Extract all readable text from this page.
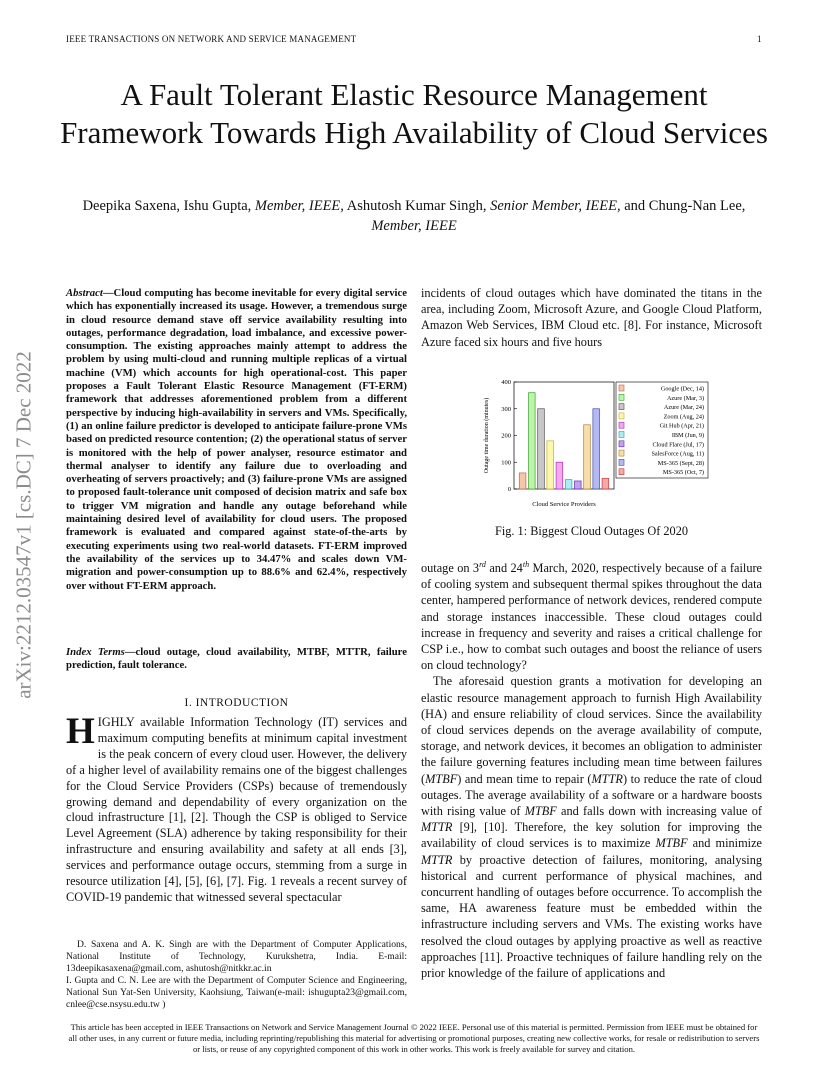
IEEE TRANSACTIONS ON NETWORK AND SERVICE MANAGEMENT	1
A Fault Tolerant Elastic Resource Management Framework Towards High Availability of Cloud Services
Deepika Saxena, Ishu Gupta, Member, IEEE, Ashutosh Kumar Singh, Senior Member, IEEE, and Chung-Nan Lee, Member, IEEE
arXiv:2212.03547v1 [cs.DC] 7 Dec 2022
Abstract—Cloud computing has become inevitable for every digital service which has exponentially increased its usage. However, a tremendous surge in cloud resource demand stave off service availability resulting into outages, performance degradation, load imbalance, and excessive power-consumption. The existing approaches mainly attempt to address the problem by using multi-cloud and running multiple replicas of a virtual machine (VM) which accounts for high operational-cost. This paper proposes a Fault Tolerant Elastic Resource Management (FT-ERM) framework that addresses aforementioned problem from a different perspective by inducing high-availability in servers and VMs. Specifically, (1) an online failure predictor is developed to anticipate failure-prone VMs based on predicted resource contention; (2) the operational status of server is monitored with the help of power analyser, resource estimator and thermal analyser to identify any failure due to overloading and overheating of servers proactively; and (3) failure-prone VMs are assigned to proposed fault-tolerance unit composed of decision matrix and safe box to trigger VM migration and handle any outage beforehand while maintaining desired level of availability for cloud users. The proposed framework is evaluated and compared against state-of-the-arts by executing experiments using two real-world datasets. FT-ERM improved the availability of the services up to 34.47% and scales down VM-migration and power-consumption up to 88.6% and 62.4%, respectively over without FT-ERM approach.
Index Terms—cloud outage, cloud availability, MTBF, MTTR, failure prediction, fault tolerance.
I. INTRODUCTION
HIGHLY available Information Technology (IT) services and maximum computing benefits at minimum capital investment is the peak concern of every cloud user. However, the delivery of a higher level of availability remains one of the biggest challenges for the Cloud Service Providers (CSPs) because of tremendously growing demand and dependability of every organization on the cloud infrastructure [1], [2]. Though the CSP is obliged to Service Level Agreement (SLA) adherence by taking responsibility for their infrastructure and ensuring availability and safety at all ends [3], services and performance outage occurs, stemming from a surge in resource utilization [4], [5], [6], [7]. Fig. 1 reveals a recent survey of COVID-19 pandemic that witnessed several spectacular

D. Saxena and A. K. Singh are with the Department of Computer Applications, National Institute of Technology, Kurukshetra, India. E-mail: 13deepikasaxena@gmail.com, ashutosh@nitkkr.ac.in

I. Gupta and C. N. Lee are with the Department of Computer Science and Engineering, National Sun Yat-Sen University, Kaohsiung, Taiwan(e-mail: ishugupta23@gmail.com, cnlee@cse.nsysu.edu.tw )

incidents of cloud outages which have dominated the titans in the area, including Zoom, Microsoft Azure, and Google Cloud Platform, Amazon Web Services, IBM Cloud etc. [8]. For instance, Microsoft Azure faced six hours and five hours
0
100
200
300
400
Outage time duration (minutes)
Cloud Service Providers
Google (Dec, 14)
Azure (Mar, 3)
Azure (Mar, 24)
Zoom (Aug, 24)
Git Hub (Apr, 21)
IBM (Jun, 9)
Cloud Flare (Jul, 17)
SalesForce (Aug, 11)
MS-365 (Sept, 28)
MS-365 (Oct, 7)
Fig. 1: Biggest Cloud Outages Of 2020

outage on 3rd and 24th March, 2020, respectively because of a failure of cooling system and subsequent thermal spikes throughout the data center, hampered performance of network devices, rendered compute and storage instances inaccessible. These cloud outages could increase in frequency and severity and raises a critical challenge for CSP i.e., how to combat such outages and boost the reliance of users on cloud technology?

The aforesaid question grants a motivation for developing an elastic resource management approach to furnish High Availability (HA) and ensure reliability of cloud services. Since the availability of cloud services depends on the average availability of compute, storage, and network devices, it becomes an obligation to administer the failure governing features including mean time between failures (MTBF) and mean time to repair (MTTR) to reduce the rate of cloud outages. The average availability of a software or a hardware boosts with rising value of MTBF and falls down with increasing value of MTTR [9], [10]. Therefore, the key solution for improving the availability of cloud services is to maximize MTBF and minimize MTTR by proactive detection of failures, monitoring, analysing historical and current performance of physical machines, and concurrent handling of outages before occurrence. To accomplish the same, HA awareness feature must be embedded within the infrastructure including servers and VMs. The existing works have resolved the cloud outages by applying proactive as well as reactive approaches [11]. Proactive techniques of failure handling rely on the prior knowledge of the failure of applications and

This article has been accepted in IEEE Transactions on Network and Service Management Journal © 2022 IEEE. Personal use of this material is permitted. Permission from IEEE must be obtained for all other uses, in any current or future media, including reprinting/republishing this material for advertising or promotional purposes, creating new collective works, for resale or redistribution to servers or lists, or reuse of any copyrighted component of this work in other works. This work is freely available for survey and citation.
